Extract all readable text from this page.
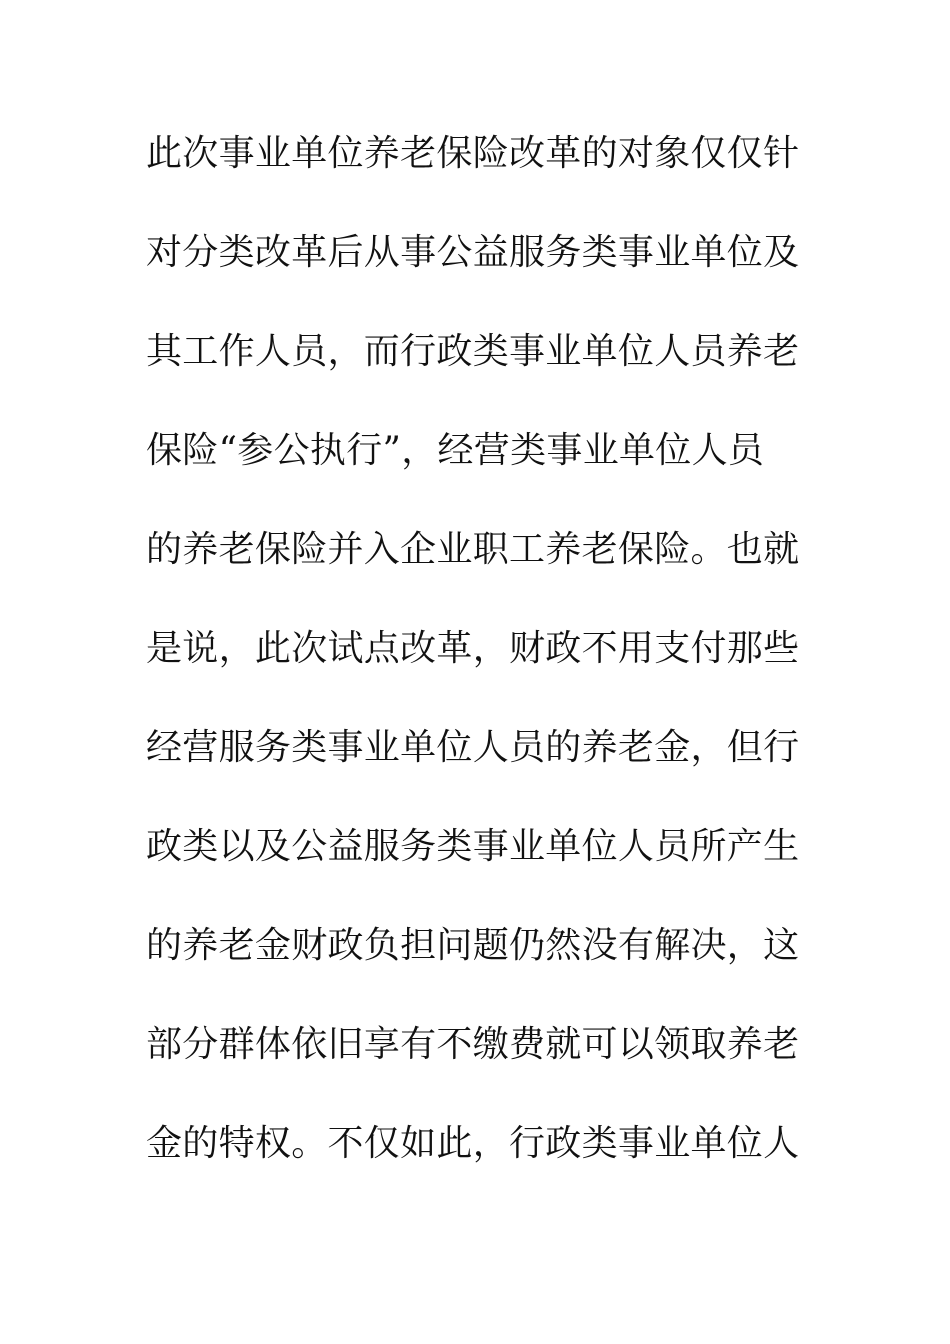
此次事业单位养老保险改革的对象仅仅针
对分类改革后从事公益服务类事业单位及
其工作人员，而行政类事业单位人员养老
保险“参公执行”，经营类事业单位人员
的养老保险并入企业职工养老保险。也就
是说，此次试点改革，财政不用支付那些
经营服务类事业单位人员的养老金，但行
政类以及公益服务类事业单位人员所产生
的养老金财政负担问题仍然没有解决，这
部分群体依旧享有不缴费就可以领取养老
金的特权。不仅如此，行政类事业单位人
